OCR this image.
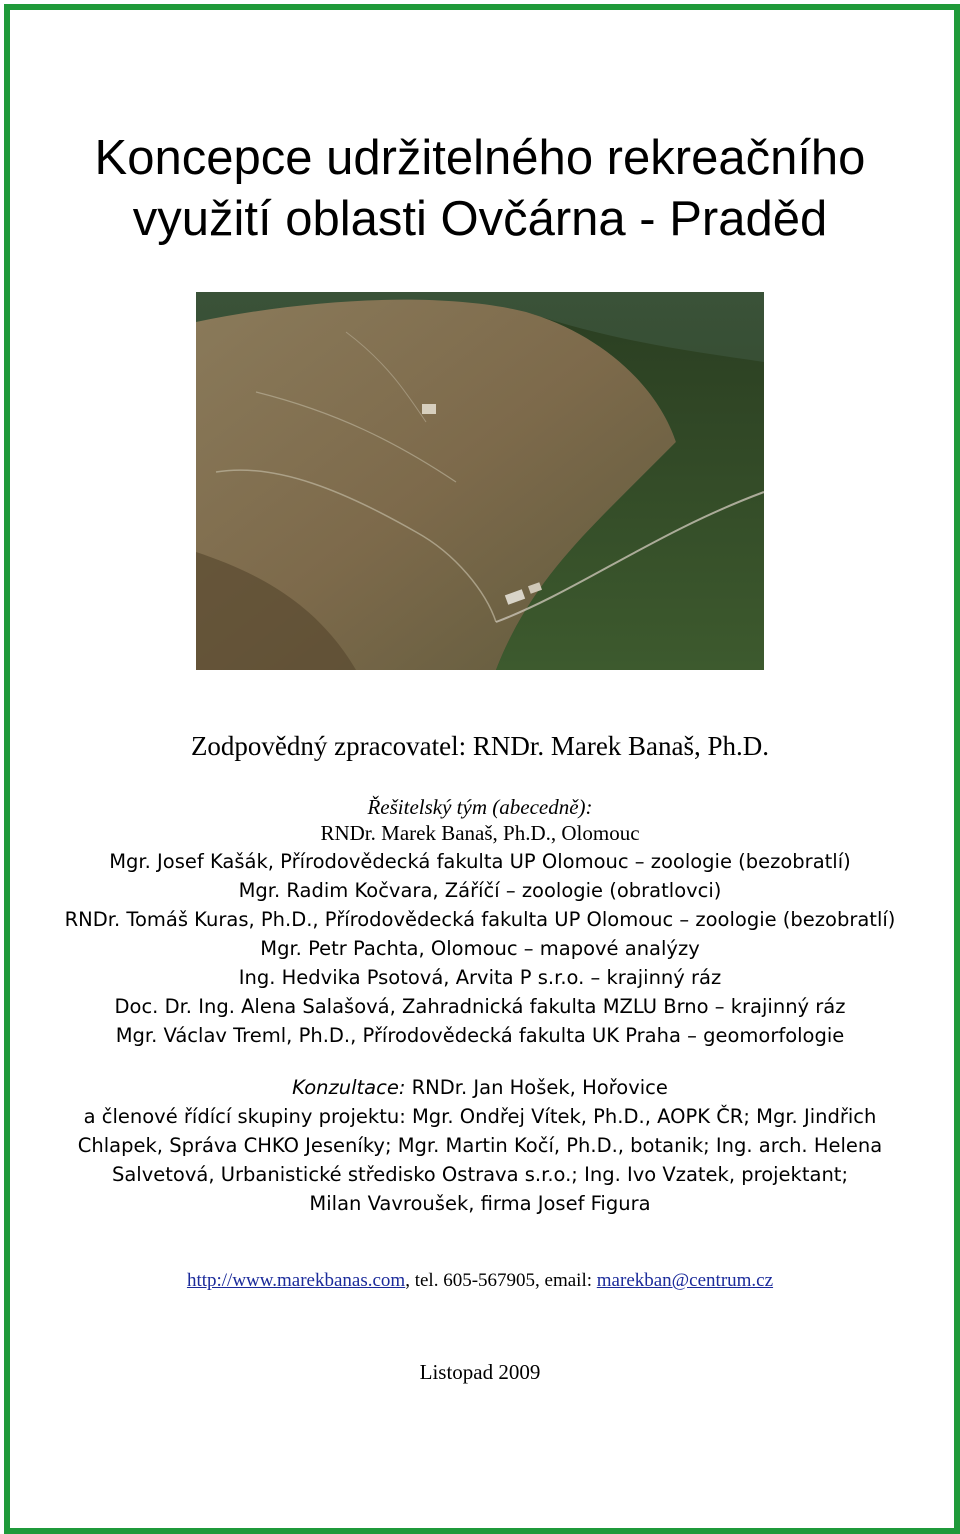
Koncepce udržitelného rekreačního
využití oblasti Ovčárna - Praděd
Zodpovědný zpracovatel: RNDr. Marek Banaš, Ph.D.
Řešitelský tým (abecedně):
RNDr. Marek Banaš, Ph.D., Olomouc
Mgr. Josef Kašák, Přírodovědecká fakulta UP Olomouc – zoologie (bezobratlí)
Mgr. Radim Kočvara, Záříčí – zoologie (obratlovci)
RNDr. Tomáš Kuras, Ph.D., Přírodovědecká fakulta UP Olomouc – zoologie (bezobratlí)
Mgr. Petr Pachta, Olomouc – mapové analýzy
Ing. Hedvika Psotová, Arvita P s.r.o. – krajinný ráz
Doc. Dr. Ing. Alena Salašová, Zahradnická fakulta MZLU Brno – krajinný ráz
Mgr. Václav Treml, Ph.D., Přírodovědecká fakulta UK Praha – geomorfologie
Konzultace: RNDr. Jan Hošek, Hořovice
a členové řídící skupiny projektu: Mgr. Ondřej Vítek, Ph.D., AOPK ČR; Mgr. Jindřich
Chlapek, Správa CHKO Jeseníky; Mgr. Martin Kočí, Ph.D., botanik; Ing. arch. Helena
Salvetová, Urbanistické středisko Ostrava s.r.o.; Ing. Ivo Vzatek, projektant;
Milan Vavroušek, firma Josef Figura
http://www.marekbanas.com, tel. 605-567905, email: marekban@centrum.cz
Listopad 2009
